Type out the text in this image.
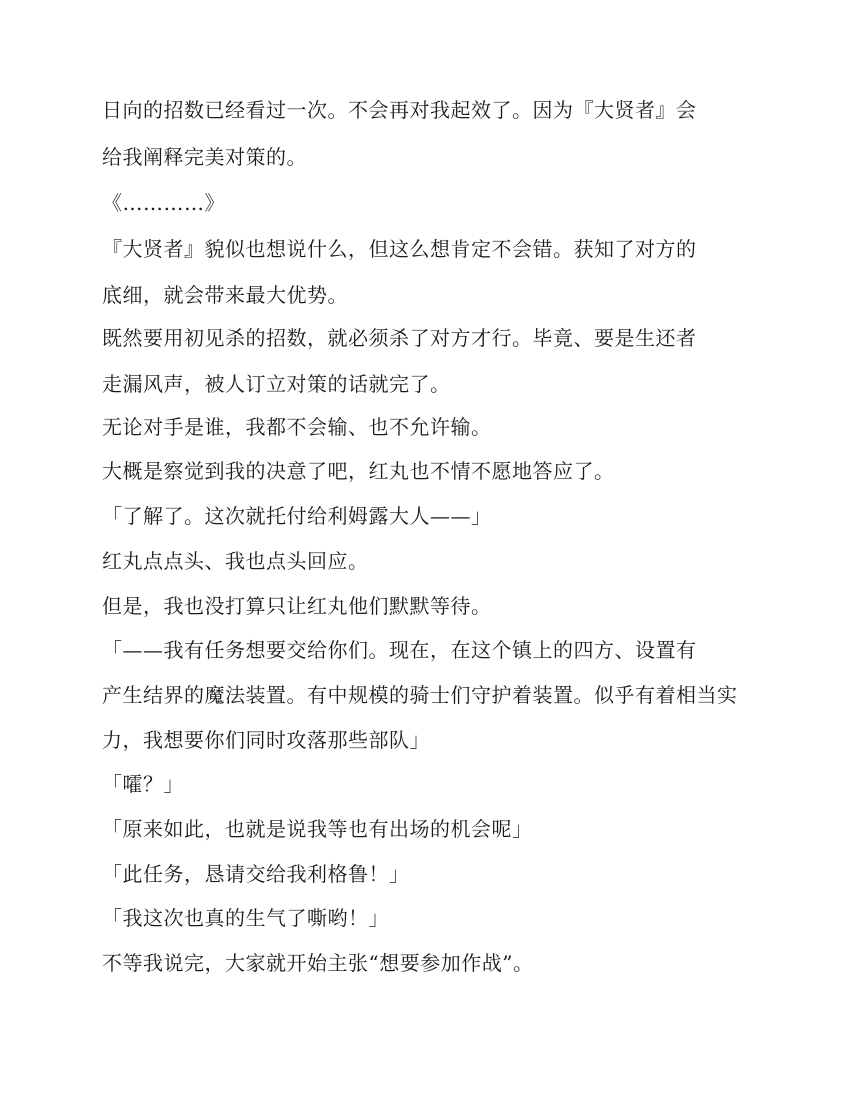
日向的招数已经看过一次。不会再对我起效了。因为『大贤者』会

给我阐释完美对策的。

《…………》

『大贤者』貌似也想说什么，但这么想肯定不会错。获知了对方的

底细，就会带来最大优势。

既然要用初见杀的招数，就必须杀了对方才行。毕竟、要是生还者

走漏风声，被人订立对策的话就完了。

无论对手是谁，我都不会输、也不允许输。

大概是察觉到我的决意了吧，红丸也不情不愿地答应了。

「了解了。这次就托付给利姆露大人——」

红丸点点头、我也点头回应。

但是，我也没打算只让红丸他们默默等待。

「——我有任务想要交给你们。现在，在这个镇上的四方、设置有

产生结界的魔法装置。有中规模的骑士们守护着装置。似乎有着相当实

力，我想要你们同时攻落那些部队」

「嚯？」

「原来如此，也就是说我等也有出场的机会呢」

「此任务，恳请交给我利格鲁！」

「我这次也真的生气了嘶哟！」

不等我说完，大家就开始主张“想要参加作战”。
